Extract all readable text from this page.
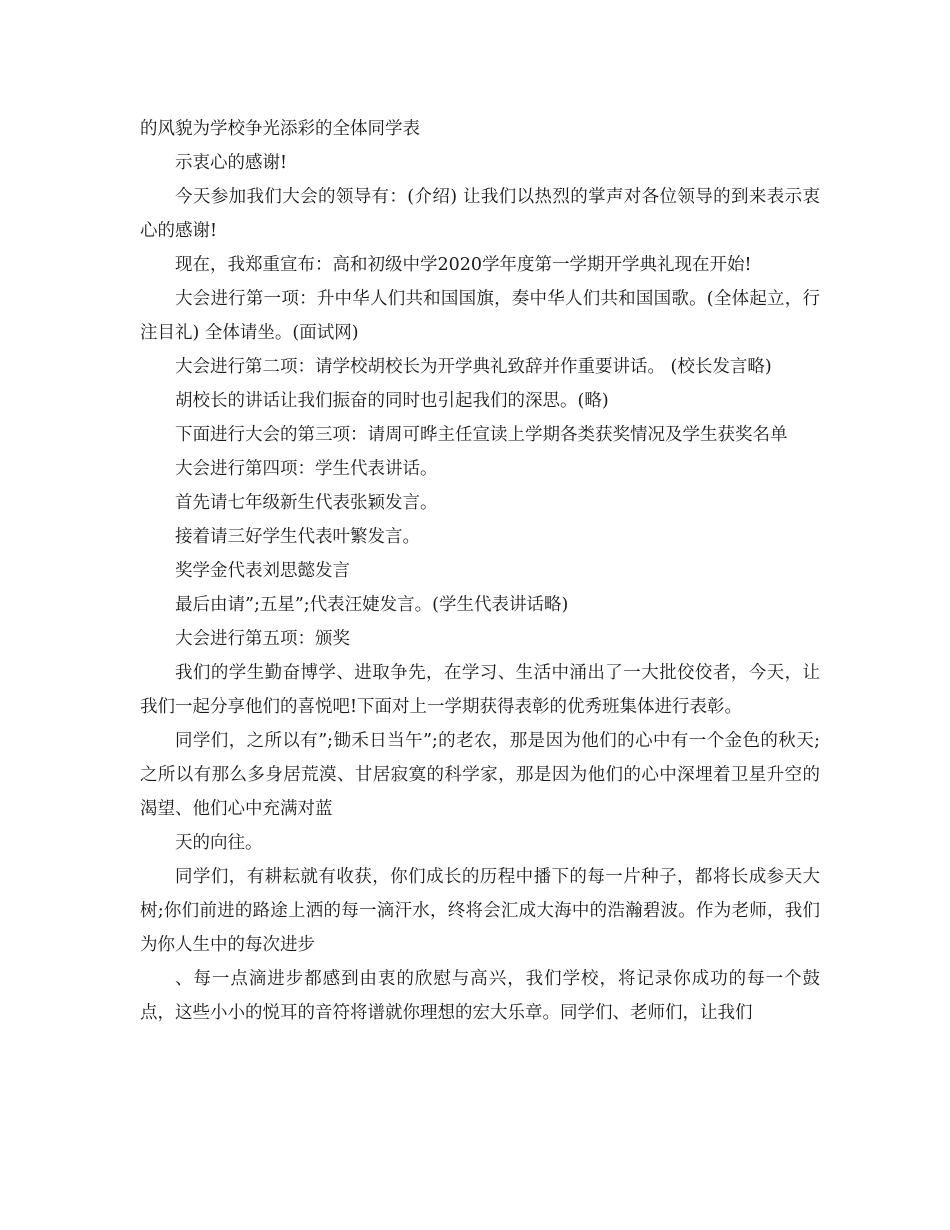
的风貌为学校争光添彩的全体同学表

示衷心的感谢!

今天参加我们大会的领导有：(介绍) 让我们以热烈的掌声对各位领导的到来表示衷心的感谢!

现在，我郑重宣布：高和初级中学2020学年度第一学期开学典礼现在开始!

大会进行第一项：升中华人们共和国国旗，奏中华人们共和国国歌。(全体起立，行注目礼) 全体请坐。(面试网)

大会进行第二项：请学校胡校长为开学典礼致辞并作重要讲话。 (校长发言略)

胡校长的讲话让我们振奋的同时也引起我们的深思。(略)

下面进行大会的第三项：请周可晔主任宣读上学期各类获奖情况及学生获奖名单

大会进行第四项：学生代表讲话。

首先请七年级新生代表张颖发言。

接着请三好学生代表叶繁发言。

奖学金代表刘思懿发言

最后由请”;五星”;代表汪婕发言。(学生代表讲话略)

大会进行第五项：颁奖

我们的学生勤奋博学、进取争先，在学习、生活中涌出了一大批佼佼者，今天，让我们一起分享他们的喜悦吧!下面对上一学期获得表彰的优秀班集体进行表彰。

同学们，之所以有”;锄禾日当午”;的老农，那是因为他们的心中有一个金色的秋天;之所以有那么多身居荒漠、甘居寂寞的科学家，那是因为他们的心中深埋着卫星升空的渴望、他们心中充满对蓝

天的向往。

同学们，有耕耘就有收获，你们成长的历程中播下的每一片种子，都将长成参天大树;你们前进的路途上洒的每一滴汗水，终将会汇成大海中的浩瀚碧波。作为老师，我们为你人生中的每次进步

、每一点滴进步都感到由衷的欣慰与高兴，我们学校，将记录你成功的每一个鼓点，这些小小的悦耳的音符将谱就你理想的宏大乐章。同学们、老师们，让我们
